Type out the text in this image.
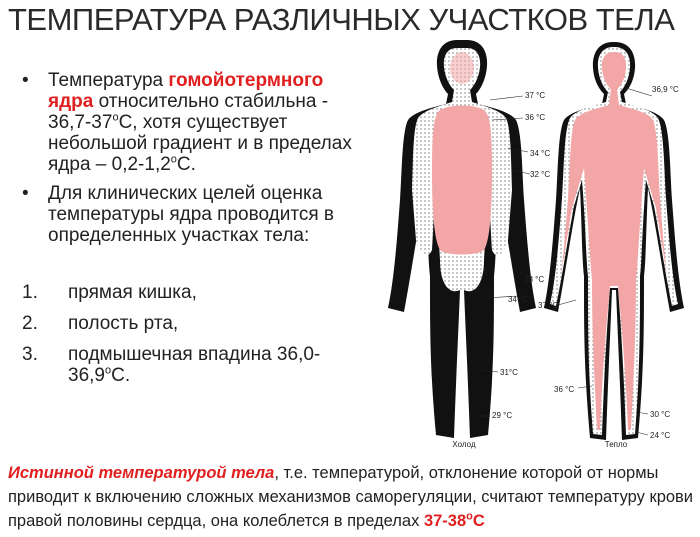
ТЕМПЕРАТУРА РАЗЛИЧНЫХ УЧАСТКОВ ТЕЛА
• Температура гомойотермного ядра относительно стабильна - $36,7-37^оС$, хотя существует небольшой градиент и в пределах ядра – $0,2-1,2^оС$.
• Для клинических целей оценка температуры ядра проводится в определенных участках тела:
1. прямая кишка,
2. полость рта,
3. подмышечная впадина $36,0-36,9^оС$.
Холод	Тепло
37 °C
36 °C
34 °C
32 °C
28 °C
34 °C
31°C
29 °C
36,9 °C
37 °C
36 °C
30 °C
24 °C
Истинной температурой тела, т.е. температурой, отклонение которой от нормы приводит к включению сложных механизмов саморегуляции, считают температуру крови правой половины сердца, она колеблется в пределах $37-38^оС$
